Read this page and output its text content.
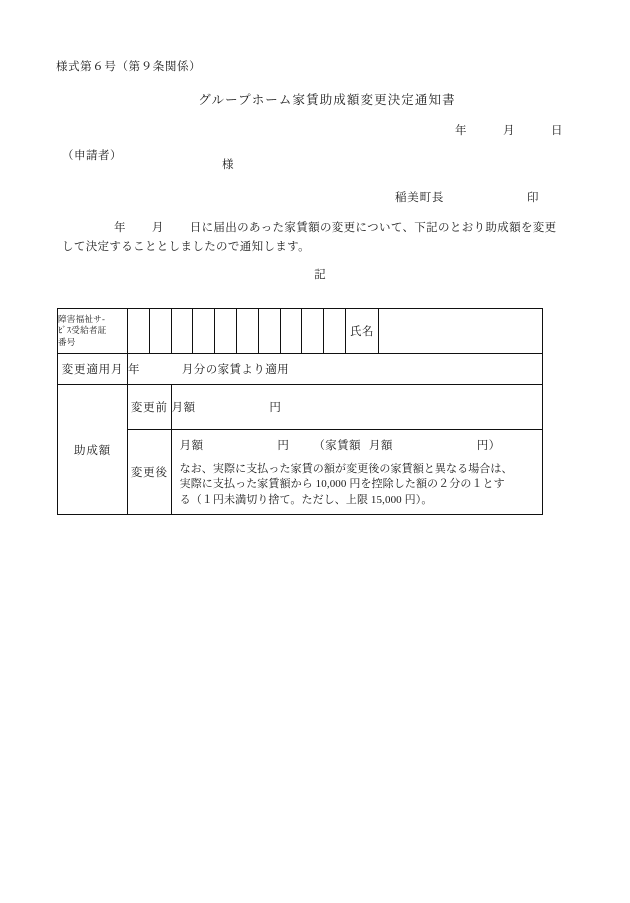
様式第６号（第９条関係）
グループホーム家賃助成額変更決定通知書
年　　　月　　　日
（申請者）
様
稲美町長	印
年 月 日に届出のあった家賃額の変更について、下記のとおり助成額を変更
して決定することとしましたので通知します。
記
障害福祉サ-
ﾋﾞｽ受給者証
番号											氏名	
変更適用月	年 月分の家賃より適用											
助成額	変更前		月額 円									
	変更後		月額 円 （家賃額 月額 円）
なお、実際に支払った家賃の額が変更後の家賃額と異なる場合は、
実際に支払った家賃額から 10,000 円を控除した額の２分の１とす
る（１円未満切り捨て。ただし、上限 15,000 円）。									
